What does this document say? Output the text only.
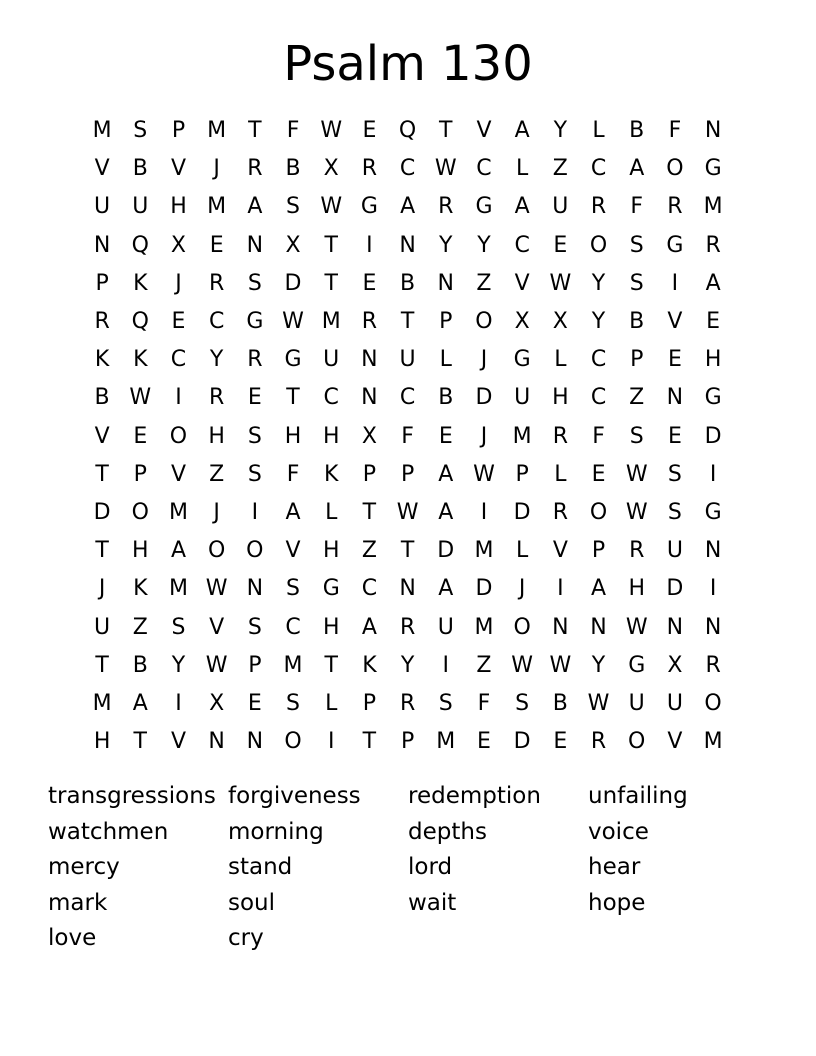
Psalm 130
M S	P	M T	F W E	Q	T	V	A	Y	L	B	F	N
V	B	V	J	R	B	X	R	C W C	L	Z	C	A O G
U	U H M A	S W G	A	R	G	A	U	R	F	R M
N Q X	E	N	X	T	I	N	Y	Y	C	E	O	S	G	R
P	K	J	R	S	D	T	E	B	N	Z	V W Y	S	I	A
R Q	E	C G W M R	T	P	O X	X	Y	B	V	E
K	K	C	Y	R	G U N U	L	J	G	L	C	P	E	H
B W	I	R	E	T	C	N	C	B	D U H	C	Z	N G
V	E	O H	S	H H	X	F	E	J	M R	F	S	E	D
T	P	V	Z	S	F	K	P	P	A W P	L	E W S	I
D O M	J	I	A	L	T W A	I	D	R O W S	G
T	H	A O O	V	H	Z	T	D M	L	V	P	R	U N
J	K M W N	S	G C	N	A	D	J	I	A	H D	I
U	Z	S	V	S	C	H	A	R	U M O N N W N N
T	B	Y W P	M T	K	Y	I	Z W W Y	G	X	R
M A	I	X	E	S	L	P	R	S	F	S	B W U	U O
H	T	V	N N O	I	T	P	M E	D	E	R O	V M
transgressions forgiveness	redemption	unfailing
watchmen	morning	depths	voice
mercy	stand	lord	hear
mark	soul	wait	hope
love	cry
